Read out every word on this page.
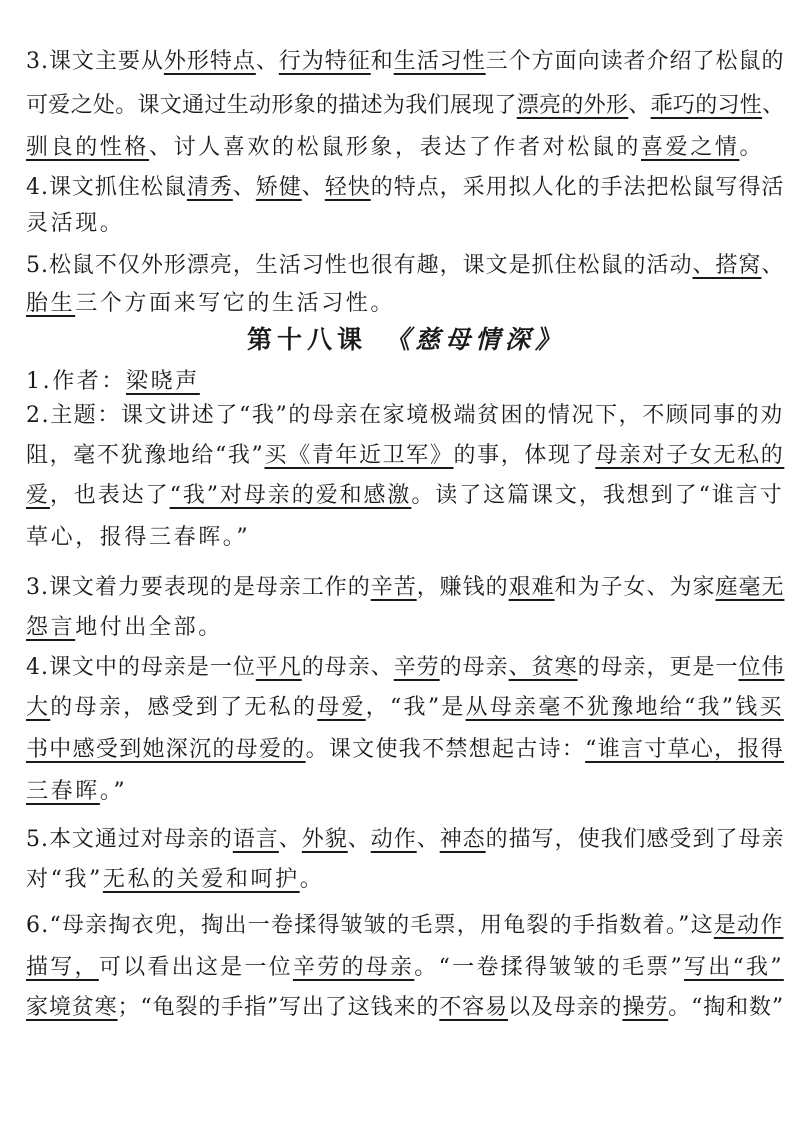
3.课文主要从外形特点、行为特征和生活习性三个方面向读者介绍了松鼠的
可爱之处。课文通过生动形象的描述为我们展现了漂亮的外形、乖巧的习性、
驯良的性格、讨人喜欢的松鼠形象，表达了作者对松鼠的喜爱之情。
4.课文抓住松鼠清秀、矫健、轻快的特点，采用拟人化的手法把松鼠写得活
灵活现。
5.松鼠不仅外形漂亮，生活习性也很有趣，课文是抓住松鼠的活动、搭窝、
胎生三个方面来写它的生活习性。
第十八课 《慈母情深》
1.作者：梁晓声
2.主题：课文讲述了“我”的母亲在家境极端贫困的情况下，不顾同事的劝
阻，毫不犹豫地给“我”买《青年近卫军》的事，体现了母亲对子女无私的
爱，也表达了“我”对母亲的爱和感激。读了这篇课文，我想到了“谁言寸
草心，报得三春晖。”
3.课文着力要表现的是母亲工作的辛苦，赚钱的艰难和为子女、为家庭毫无
怨言地付出全部。
4.课文中的母亲是一位平凡的母亲、辛劳的母亲、贫寒的母亲，更是一位伟
大的母亲，感受到了无私的母爱，“我”是从母亲毫不犹豫地给“我”钱买
书中感受到她深沉的母爱的。课文使我不禁想起古诗：“谁言寸草心，报得
三春晖。”
5.本文通过对母亲的语言、外貌、动作、神态的描写，使我们感受到了母亲
对“我”无私的关爱和呵护。
6.“母亲掏衣兜，掏出一卷揉得皱皱的毛票，用龟裂的手指数着。”这是动作
描写，可以看出这是一位辛劳的母亲。“一卷揉得皱皱的毛票”写出“我”
家境贫寒；“龟裂的手指”写出了这钱来的不容易以及母亲的操劳。“掏和数”
